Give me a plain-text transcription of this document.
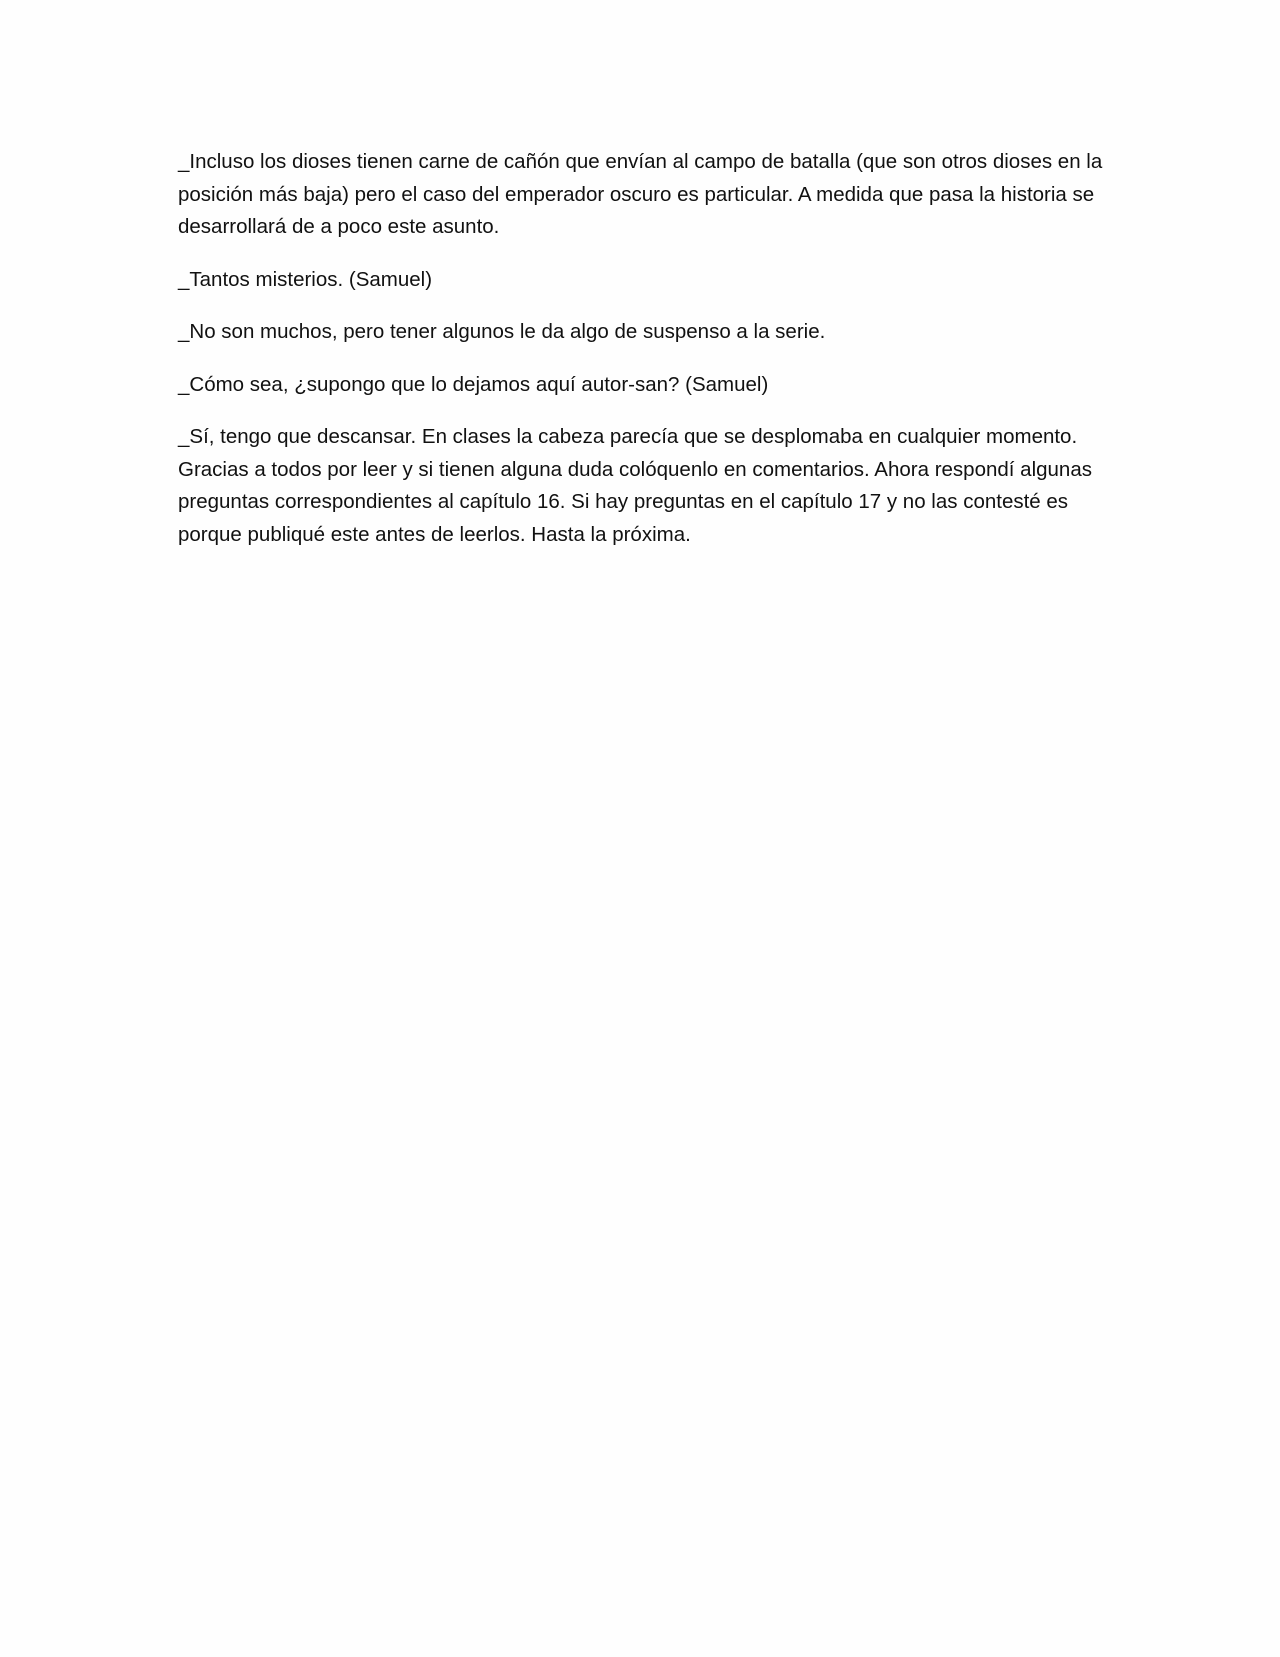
_Incluso los dioses tienen carne de cañón que envían al campo de batalla (que son otros dioses en la posición más baja) pero el caso del emperador oscuro es particular. A medida que pasa la historia se desarrollará de a poco este asunto.

_Tantos misterios. (Samuel)

_No son muchos, pero tener algunos le da algo de suspenso a la serie.

_Cómo sea, ¿supongo que lo dejamos aquí autor-san? (Samuel)

_Sí, tengo que descansar. En clases la cabeza parecía que se desplomaba en cualquier momento. Gracias a todos por leer y si tienen alguna duda colóquenlo en comentarios. Ahora respondí algunas preguntas correspondientes al capítulo 16. Si hay preguntas en el capítulo 17 y no las contesté es porque publiqué este antes de leerlos. Hasta la próxima.
